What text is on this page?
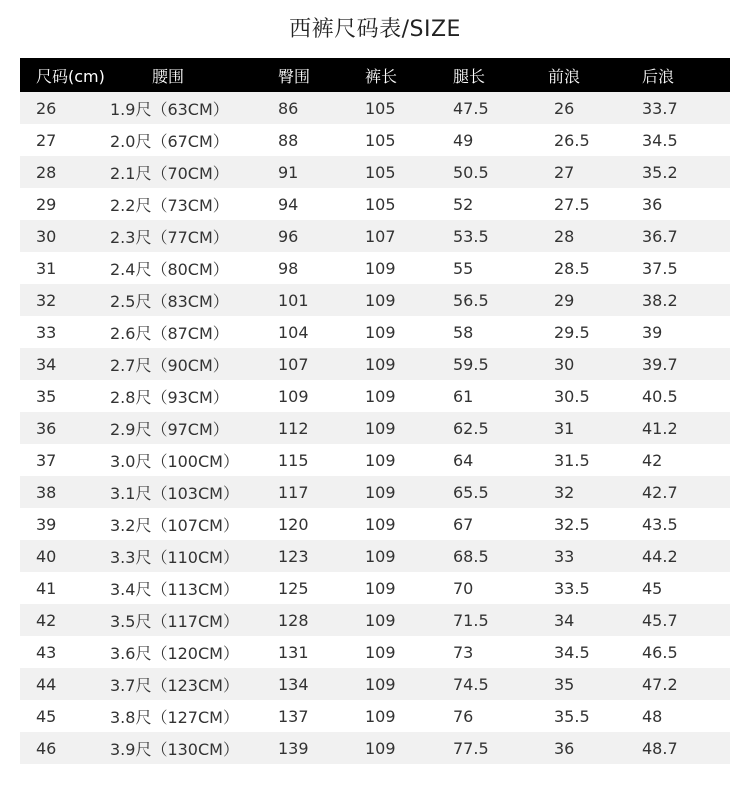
西裤尺码表/SIZE
尺码(cm)	腰围	臀围	裤长	腿长	前浪	后浪
26	1.9尺（63CM）	86	105	47.5	26	33.7
27	2.0尺（67CM）	88	105	49	26.5	34.5
28	2.1尺（70CM）	91	105	50.5	27	35.2
29	2.2尺（73CM）	94	105	52	27.5	36
30	2.3尺（77CM）	96	107	53.5	28	36.7
31	2.4尺（80CM）	98	109	55	28.5	37.5
32	2.5尺（83CM）	101	109	56.5	29	38.2
33	2.6尺（87CM）	104	109	58	29.5	39
34	2.7尺（90CM）	107	109	59.5	30	39.7
35	2.8尺（93CM）	109	109	61	30.5	40.5
36	2.9尺（97CM）	112	109	62.5	31	41.2
37	3.0尺（100CM） 115	109	64	31.5	42
38	3.1尺（103CM） 117	109	65.5	32	42.7
39	3.2尺（107CM） 120	109	67	32.5	43.5
40	3.3尺（110CM） 123	109	68.5	33	44.2
41	3.4尺（113CM） 125	109	70	33.5	45
42	3.5尺（117CM） 128	109	71.5	34	45.7
43	3.6尺（120CM） 131	109	73	34.5	46.5
44	3.7尺（123CM） 134	109	74.5	35	47.2
45	3.8尺（127CM） 137	109	76	35.5	48
46	3.9尺（130CM） 139	109	77.5	36	48.7
